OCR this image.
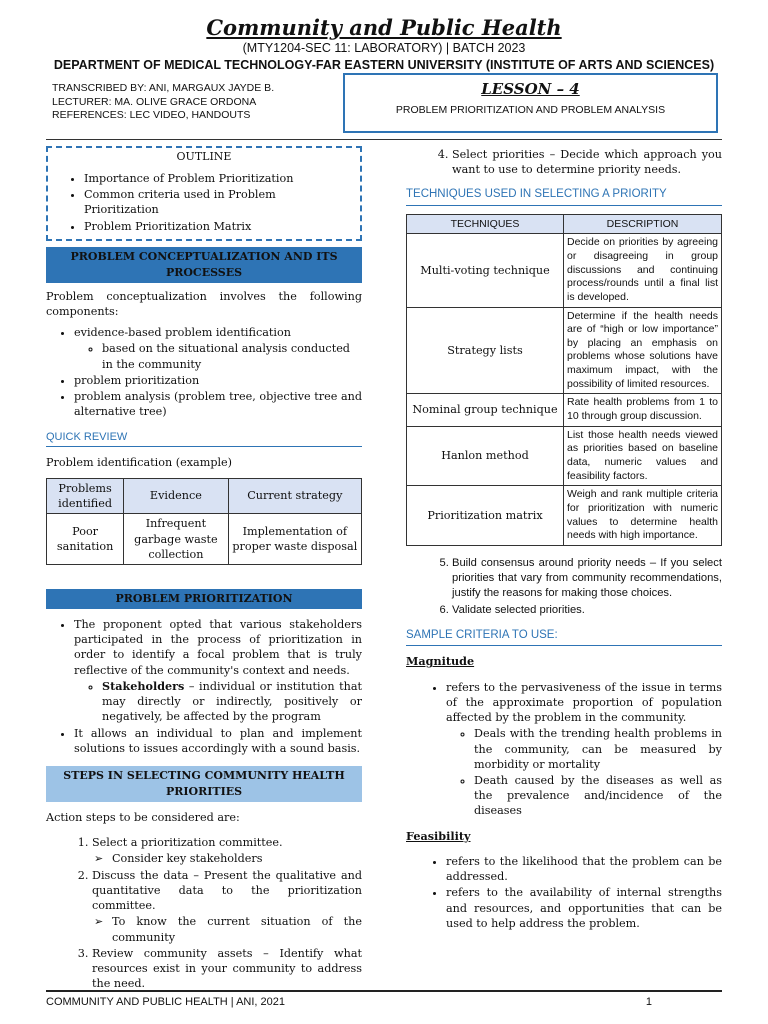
Community and Public Health
(MTY1204-SEC 11: LABORATORY) | BATCH 2023
DEPARTMENT OF MEDICAL TECHNOLOGY-FAR EASTERN UNIVERSITY (INSTITUTE OF ARTS AND SCIENCES)
TRANSCRIBED BY: ANI, MARGAUX JAYDE B.
LECTURER: MA. OLIVE GRACE ORDONA
REFERENCES: LEC VIDEO, HANDOUTS
LESSON – 4
PROBLEM PRIORITIZATION AND PROBLEM ANALYSIS
OUTLINE
• Importance of Problem Prioritization
• Common criteria used in Problem Prioritization
• Problem Prioritization Matrix
PROBLEM CONCEPTUALIZATION AND ITS PROCESSES

Problem conceptualization involves the following components:

• evidence-based problem identification
◦ based on the situational analysis conducted in the community
• problem prioritization
• problem analysis (problem tree, objective tree and alternative tree)
QUICK REVIEW
Problem identification (example)
Problems identified	Evidence	Current strategy
Poor sanitation	Infrequent garbage waste collection	Implementation of proper waste disposal
PROBLEM PRIORITIZATION
• The proponent opted that various stakeholders participated in the process of prioritization in order to identify a focal problem that is truly reflective of the community's context and needs.
◦ Stakeholders – individual or institution that may directly or indirectly, positively or negatively, be affected by the program
• It allows an individual to plan and implement solutions to issues accordingly with a sound basis.
STEPS IN SELECTING COMMUNITY HEALTH PRIORITIES

Action steps to be considered are:

1. Select a prioritization committee.
➢ Consider key stakeholders
2. Discuss the data – Present the qualitative and quantitative data to the prioritization committee.
➢ To know the current situation of the community
3. Review community assets – Identify what resources exist in your community to address the need.
4. Select priorities – Decide which approach you want to use to determine priority needs.
TECHNIQUES USED IN SELECTING A PRIORITY
TECHNIQUES	DESCRIPTION
Multi-voting technique	Decide on priorities by agreeing or disagreeing in group discussions and continuing process/rounds until a final list is developed.
Strategy lists	Determine if the health needs are of “high or low importance” by placing an emphasis on problems whose solutions have maximum impact, with the possibility of limited resources.
Nominal group technique	Rate health problems from 1 to 10 through group discussion.
Hanlon method	List those health needs viewed as priorities based on baseline data, numeric values and feasibility factors.
Prioritization matrix	Weigh and rank multiple criteria for prioritization with numeric values to determine health needs with high importance.
5. Build consensus around priority needs – If you select priorities that vary from community recommendations, justify the reasons for making those choices.
6. Validate selected priorities.
SAMPLE CRITERIA TO USE:
Magnitude
• refers to the pervasiveness of the issue in terms of the approximate proportion of population affected by the problem in the community.
◦ Deals with the trending health problems in the community, can be measured by morbidity or mortality
◦ Death caused by the diseases as well as the prevalence and/incidence of the diseases
Feasibility
• refers to the likelihood that the problem can be addressed.
• refers to the availability of internal strengths and resources, and opportunities that can be used to help address the problem.
COMMUNITY AND PUBLIC HEALTH | ANI, 2021	1
